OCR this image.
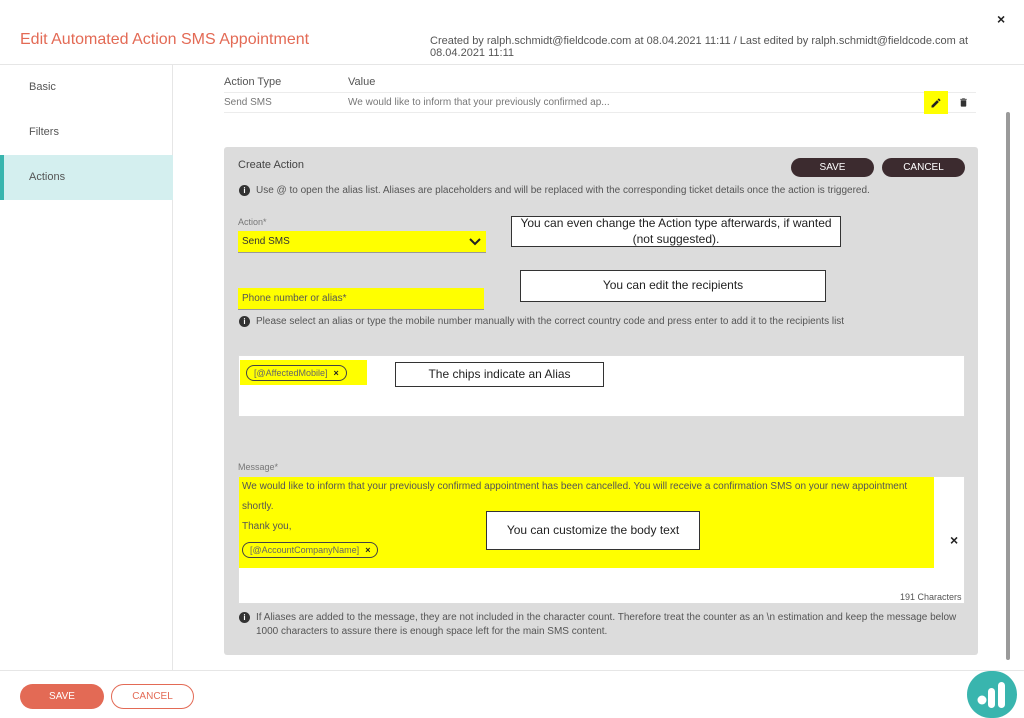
Edit Automated Action SMS Appointment	Created by ralph.schmidt@fieldcode.com at 08.04.2021 11:11 / Last edited by ralph.schmidt@fieldcode.com at 08.04.2021 11:11
×
Basic
Filters
Actions
Action Type	Value
Send SMS	We would like to inform that your previously confirmed ap...
Create Action	SAVE	CANCEL
i	Use @ to open the alias list. Aliases are placeholders and will be replaced with the corresponding ticket details once the action is triggered.
Action*
Send SMS
You can even change the Action type afterwards, if wanted (not suggested).
Phone number or alias*
You can edit the recipients
i	Please select an alias or type the mobile number manually with the correct country code and press enter to add it to the recipients list
[@AffectedMobile] ×	The chips indicate an Alias
Message*
We would like to inform that your previously confirmed appointment has been cancelled. You will receive a confirmation SMS on your new appointment
shortly.
Thank you,
[@AccountCompanyName] ×
You can customize the body text
×
191 Characters
i	If Aliases are added to the message, they are not included in the character count. Therefore treat the counter as an \n estimation and keep the message below 1000 characters to assure there is enough space left for the main SMS content.
SAVE	CANCEL
